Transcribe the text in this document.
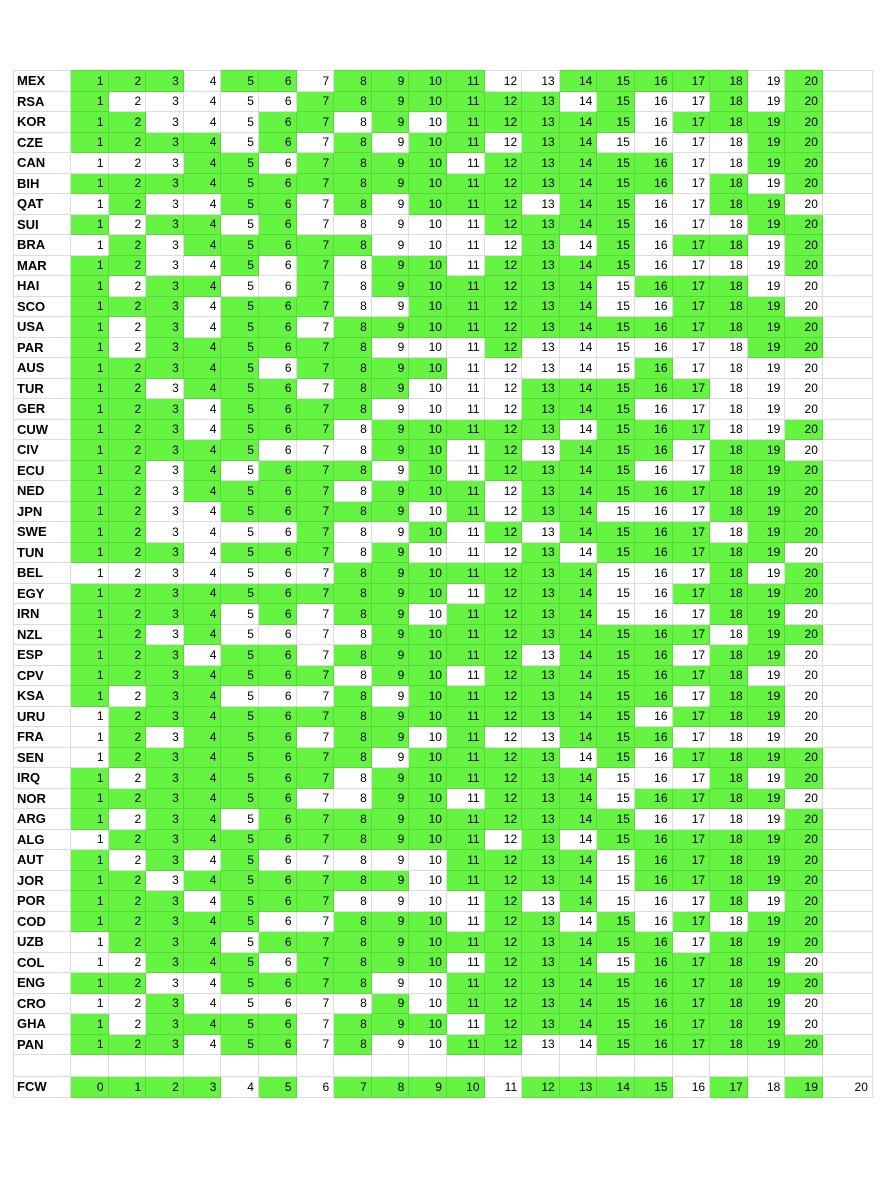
MEX	1	2	3	4	5	6	7	8	9	10	11	12	13	14	15	16	17	18	19	20	
RSA	1	2	3	4	5	6	7	8	9	10	11	12	13	14	15	16	17	18	19	20	
KOR	1	2	3	4	5	6	7	8	9	10	11	12	13	14	15	16	17	18	19	20	
CZE	1	2	3	4	5	6	7	8	9	10	11	12	13	14	15	16	17	18	19	20	
CAN	1	2	3	4	5	6	7	8	9	10	11	12	13	14	15	16	17	18	19	20	
BIH	1	2	3	4	5	6	7	8	9	10	11	12	13	14	15	16	17	18	19	20	
QAT	1	2	3	4	5	6	7	8	9	10	11	12	13	14	15	16	17	18	19	20	
SUI	1	2	3	4	5	6	7	8	9	10	11	12	13	14	15	16	17	18	19	20	
BRA	1	2	3	4	5	6	7	8	9	10	11	12	13	14	15	16	17	18	19	20	
MAR	1	2	3	4	5	6	7	8	9	10	11	12	13	14	15	16	17	18	19	20	
HAI	1	2	3	4	5	6	7	8	9	10	11	12	13	14	15	16	17	18	19	20	
SCO	1	2	3	4	5	6	7	8	9	10	11	12	13	14	15	16	17	18	19	20	
USA	1	2	3	4	5	6	7	8	9	10	11	12	13	14	15	16	17	18	19	20	
PAR	1	2	3	4	5	6	7	8	9	10	11	12	13	14	15	16	17	18	19	20	
AUS	1	2	3	4	5	6	7	8	9	10	11	12	13	14	15	16	17	18	19	20	
TUR	1	2	3	4	5	6	7	8	9	10	11	12	13	14	15	16	17	18	19	20	
GER	1	2	3	4	5	6	7	8	9	10	11	12	13	14	15	16	17	18	19	20	
CUW	1	2	3	4	5	6	7	8	9	10	11	12	13	14	15	16	17	18	19	20	
CIV	1	2	3	4	5	6	7	8	9	10	11	12	13	14	15	16	17	18	19	20	
ECU	1	2	3	4	5	6	7	8	9	10	11	12	13	14	15	16	17	18	19	20	
NED	1	2	3	4	5	6	7	8	9	10	11	12	13	14	15	16	17	18	19	20	
JPN	1	2	3	4	5	6	7	8	9	10	11	12	13	14	15	16	17	18	19	20	
SWE	1	2	3	4	5	6	7	8	9	10	11	12	13	14	15	16	17	18	19	20	
TUN	1	2	3	4	5	6	7	8	9	10	11	12	13	14	15	16	17	18	19	20	
BEL	1	2	3	4	5	6	7	8	9	10	11	12	13	14	15	16	17	18	19	20	
EGY	1	2	3	4	5	6	7	8	9	10	11	12	13	14	15	16	17	18	19	20	
IRN	1	2	3	4	5	6	7	8	9	10	11	12	13	14	15	16	17	18	19	20	
NZL	1	2	3	4	5	6	7	8	9	10	11	12	13	14	15	16	17	18	19	20	
ESP	1	2	3	4	5	6	7	8	9	10	11	12	13	14	15	16	17	18	19	20	
CPV	1	2	3	4	5	6	7	8	9	10	11	12	13	14	15	16	17	18	19	20	
KSA	1	2	3	4	5	6	7	8	9	10	11	12	13	14	15	16	17	18	19	20	
URU	1	2	3	4	5	6	7	8	9	10	11	12	13	14	15	16	17	18	19	20	
FRA	1	2	3	4	5	6	7	8	9	10	11	12	13	14	15	16	17	18	19	20	
SEN	1	2	3	4	5	6	7	8	9	10	11	12	13	14	15	16	17	18	19	20	
IRQ	1	2	3	4	5	6	7	8	9	10	11	12	13	14	15	16	17	18	19	20	
NOR	1	2	3	4	5	6	7	8	9	10	11	12	13	14	15	16	17	18	19	20	
ARG	1	2	3	4	5	6	7	8	9	10	11	12	13	14	15	16	17	18	19	20	
ALG	1	2	3	4	5	6	7	8	9	10	11	12	13	14	15	16	17	18	19	20	
AUT	1	2	3	4	5	6	7	8	9	10	11	12	13	14	15	16	17	18	19	20	
JOR	1	2	3	4	5	6	7	8	9	10	11	12	13	14	15	16	17	18	19	20	
POR	1	2	3	4	5	6	7	8	9	10	11	12	13	14	15	16	17	18	19	20	
COD	1	2	3	4	5	6	7	8	9	10	11	12	13	14	15	16	17	18	19	20	
UZB	1	2	3	4	5	6	7	8	9	10	11	12	13	14	15	16	17	18	19	20	
COL	1	2	3	4	5	6	7	8	9	10	11	12	13	14	15	16	17	18	19	20	
ENG	1	2	3	4	5	6	7	8	9	10	11	12	13	14	15	16	17	18	19	20	
CRO	1	2	3	4	5	6	7	8	9	10	11	12	13	14	15	16	17	18	19	20	
GHA	1	2	3	4	5	6	7	8	9	10	11	12	13	14	15	16	17	18	19	20	
PAN	1	2	3	4	5	6	7	8	9	10	11	12	13	14	15	16	17	18	19	20	

FCW	0	1	2	3	4	5	6	7	8	9	10	11	12	13	14	15	16	17	18	19	20
